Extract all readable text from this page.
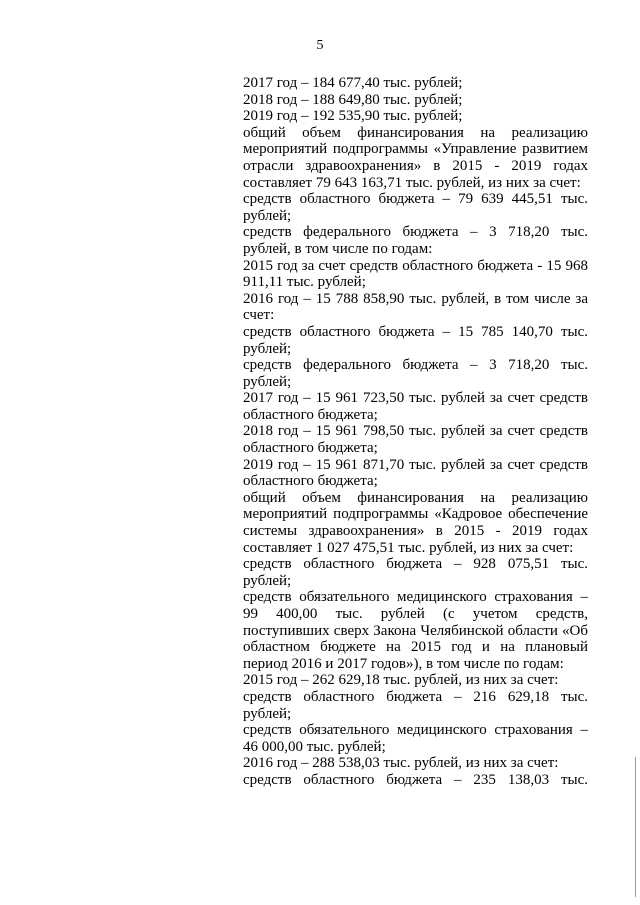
5

2017 год – 184 677,40 тыс. рублей;

2018 год – 188 649,80 тыс. рублей;

2019 год – 192 535,90 тыс. рублей;

общий объем финансирования на реализацию мероприятий подпрограммы «Управление развитием отрасли здравоохранения» в 2015 - 2019 годах составляет 79 643 163,71 тыс. рублей, из них за счет:

средств областного бюджета – 79 639 445,51 тыс. рублей;

средств федерального бюджета – 3 718,20 тыс. рублей, в том числе по годам:

2015 год за счет средств областного бюджета - 15 968 911,11 тыс. рублей;

2016 год – 15 788 858,90 тыс. рублей, в том числе за счет:

средств областного бюджета – 15 785 140,70 тыс. рублей;

средств федерального бюджета – 3 718,20 тыс. рублей;

2017 год – 15 961 723,50 тыс. рублей за счет средств областного бюджета;

2018 год – 15 961 798,50 тыс. рублей за счет средств областного бюджета;

2019 год – 15 961 871,70 тыс. рублей за счет средств областного бюджета;

общий объем финансирования на реализацию мероприятий подпрограммы «Кадровое обеспечение системы здравоохранения» в 2015 - 2019 годах составляет 1 027 475,51 тыс. рублей, из них за счет:

средств областного бюджета – 928 075,51 тыс. рублей;

средств обязательного медицинского страхования – 99 400,00 тыс. рублей (с учетом средств, поступивших сверх Закона Челябинской области «Об областном бюджете на 2015 год и на плановый период 2016 и 2017 годов»), в том числе по годам:

2015 год – 262 629,18 тыс. рублей, из них за счет:

средств областного бюджета – 216 629,18 тыс. рублей;

средств обязательного медицинского страхования – 46 000,00 тыс. рублей;

2016 год – 288 538,03 тыс. рублей, из них за счет:

средств областного бюджета – 235 138,03 тыс.
